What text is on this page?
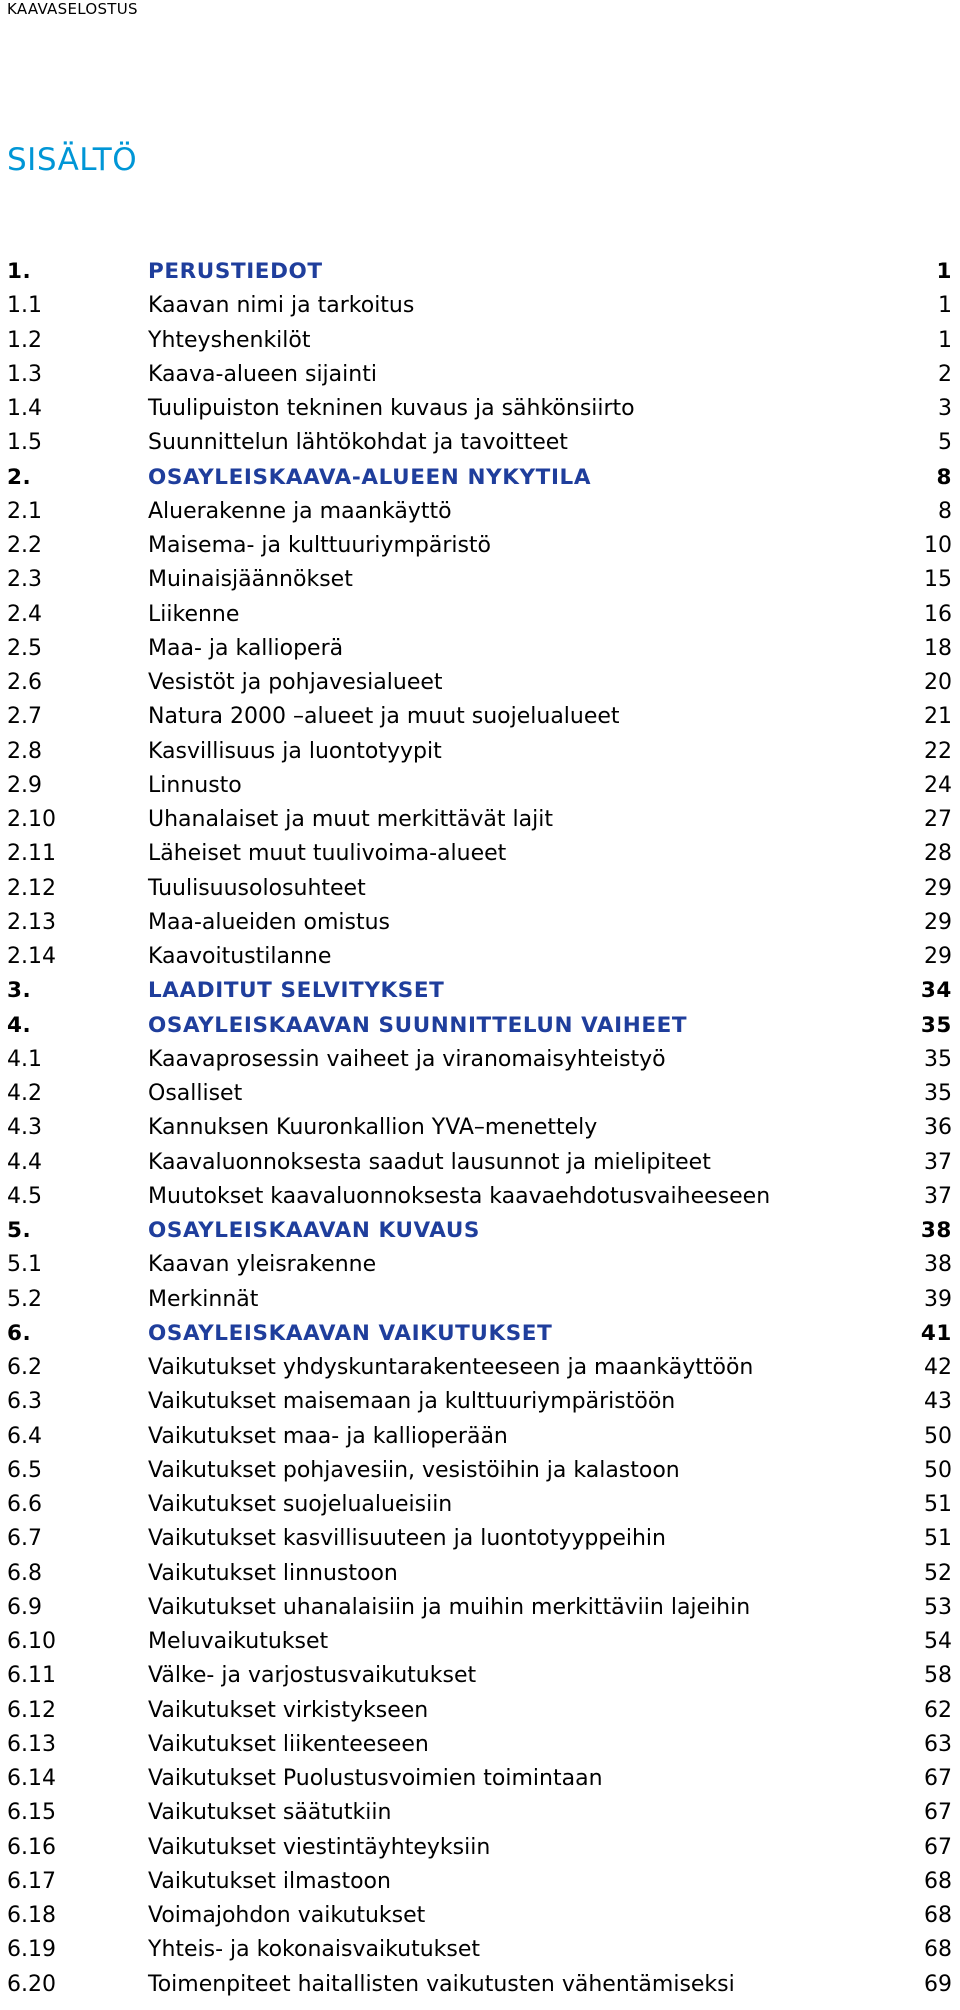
KAAVASELOSTUS
SISÄLTÖ
1.	PERUSTIEDOT	1
1.1	Kaavan nimi ja tarkoitus	1
1.2	Yhteyshenkilöt	1
1.3	Kaava-alueen sijainti	2
1.4	Tuulipuiston tekninen kuvaus ja sähkönsiirto	3
1.5	Suunnittelun lähtökohdat ja tavoitteet	5
2.	OSAYLEISKAAVA-ALUEEN NYKYTILA	8
2.1	Aluerakenne ja maankäyttö	8
2.2	Maisema- ja kulttuuriympäristö	10
2.3	Muinaisjäännökset	15
2.4	Liikenne	16
2.5	Maa- ja kallioperä	18
2.6	Vesistöt ja pohjavesialueet	20
2.7	Natura 2000 –alueet ja muut suojelualueet	21
2.8	Kasvillisuus ja luontotyypit	22
2.9	Linnusto	24
2.10	Uhanalaiset ja muut merkittävät lajit	27
2.11	Läheiset muut tuulivoima-alueet	28
2.12	Tuulisuusolosuhteet	29
2.13	Maa-alueiden omistus	29
2.14	Kaavoitustilanne	29
3.	LAADITUT SELVITYKSET	34
4.	OSAYLEISKAAVAN SUUNNITTELUN VAIHEET	35
4.1	Kaavaprosessin vaiheet ja viranomaisyhteistyö	35
4.2	Osalliset	35
4.3	Kannuksen Kuuronkallion YVA–menettely	36
4.4	Kaavaluonnoksesta saadut lausunnot ja mielipiteet	37
4.5	Muutokset kaavaluonnoksesta kaavaehdotusvaiheeseen	37
5.	OSAYLEISKAAVAN KUVAUS	38
5.1	Kaavan yleisrakenne	38
5.2	Merkinnät	39
6.	OSAYLEISKAAVAN VAIKUTUKSET	41
6.2	Vaikutukset yhdyskuntarakenteeseen ja maankäyttöön	42
6.3	Vaikutukset maisemaan ja kulttuuriympäristöön	43
6.4	Vaikutukset maa- ja kallioperään	50
6.5	Vaikutukset pohjavesiin, vesistöihin ja kalastoon	50
6.6	Vaikutukset suojelualueisiin	51
6.7	Vaikutukset kasvillisuuteen ja luontotyyppeihin	51
6.8	Vaikutukset linnustoon	52
6.9	Vaikutukset uhanalaisiin ja muihin merkittäviin lajeihin	53
6.10	Meluvaikutukset	54
6.11	Välke- ja varjostusvaikutukset	58
6.12	Vaikutukset virkistykseen	62
6.13	Vaikutukset liikenteeseen	63
6.14	Vaikutukset Puolustusvoimien toimintaan	67
6.15	Vaikutukset säätutkiin	67
6.16	Vaikutukset viestintäyhteyksiin	67
6.17	Vaikutukset ilmastoon	68
6.18	Voimajohdon vaikutukset	68
6.19	Yhteis- ja kokonaisvaikutukset	68
6.20	Toimenpiteet haitallisten vaikutusten vähentämiseksi	69
